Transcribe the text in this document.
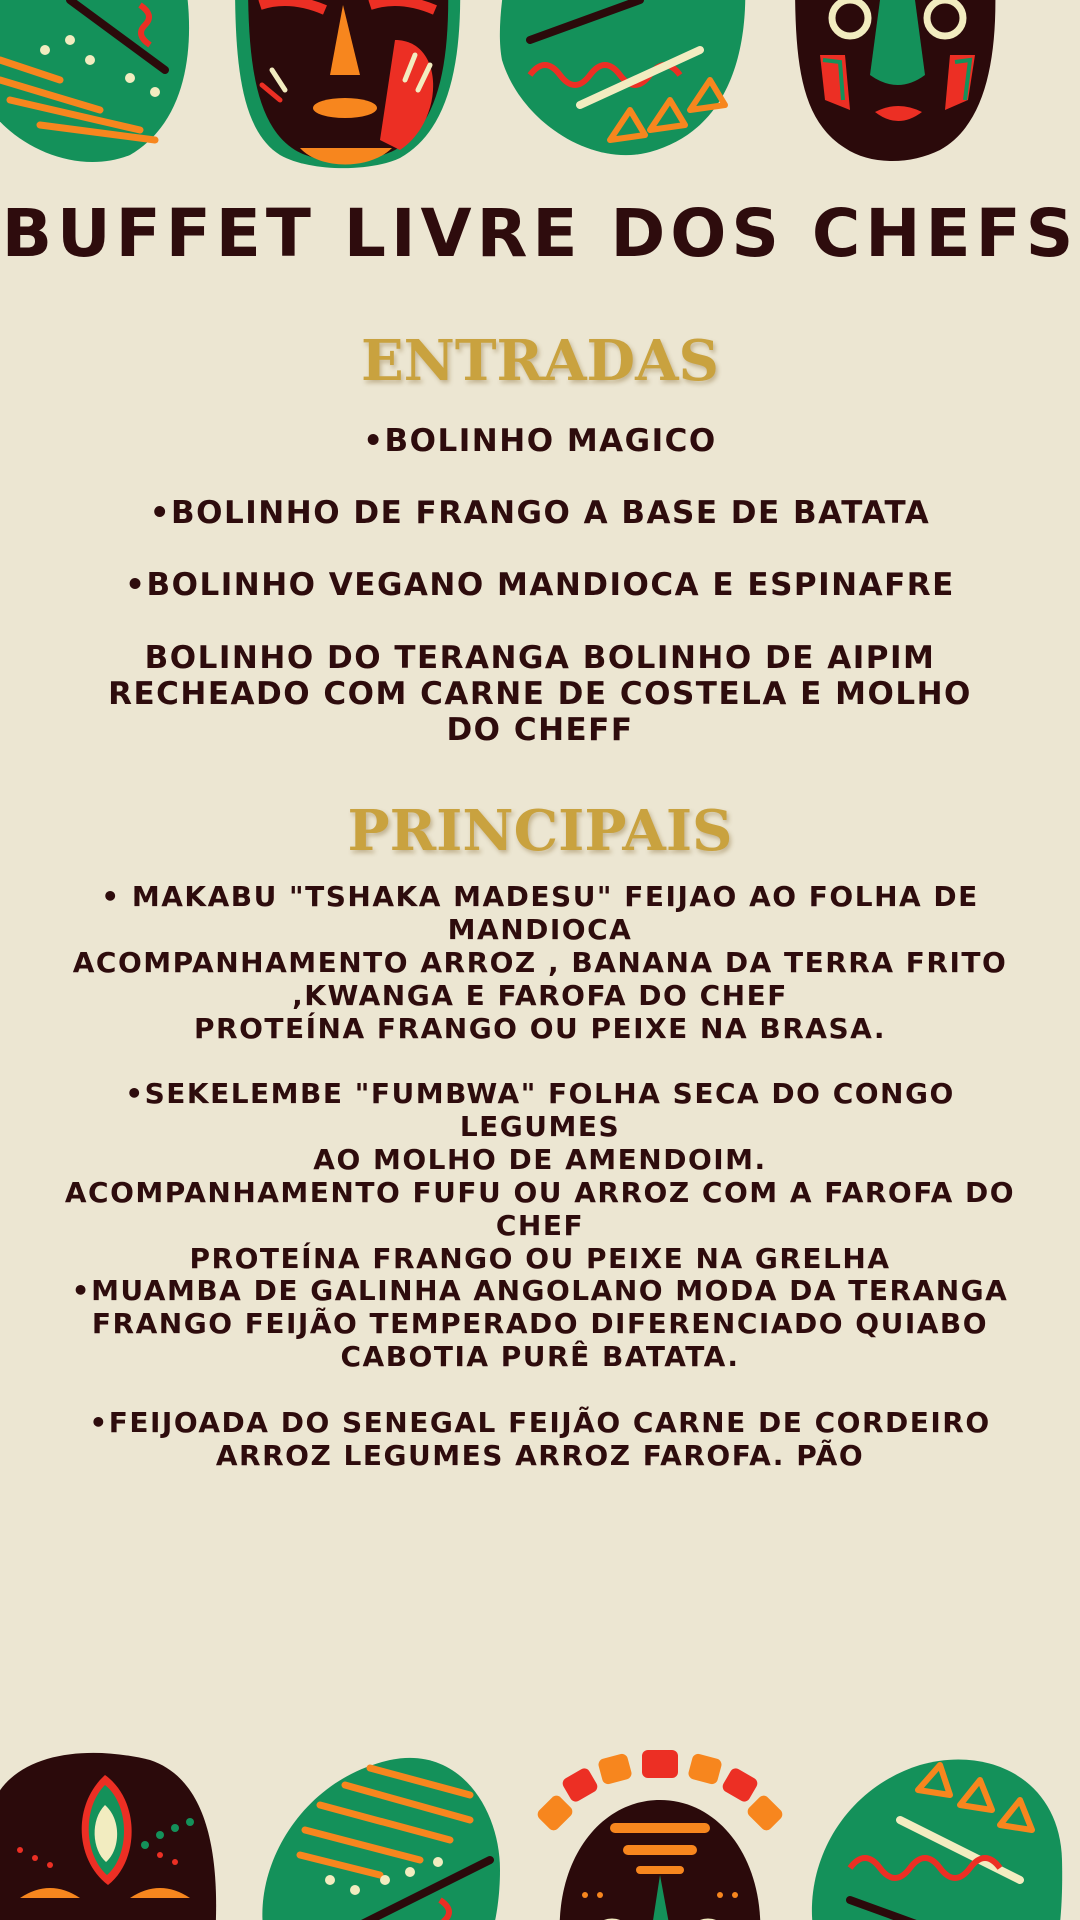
BUFFET LIVRE DOS CHEFS
ENTRADAS

•BOLINHO MAGICO

•BOLINHO DE FRANGO A BASE DE BATATA

•BOLINHO VEGANO MANDIOCA E ESPINAFRE

BOLINHO DO TERANGA BOLINHO DE AIPIM
RECHEADO COM CARNE DE COSTELA E MOLHO
DO CHEFF

PRINCIPAIS

• MAKABU "TSHAKA MADESU" FEIJAO AO FOLHA DE
MANDIOCA
ACOMPANHAMENTO ARROZ , BANANA DA TERRA FRITO
,KWANGA E FAROFA DO CHEF
PROTEÍNA FRANGO OU PEIXE NA BRASA.

•SEKELEMBE "FUMBWA" FOLHA SECA DO CONGO LEGUMES
AO MOLHO DE AMENDOIM.
ACOMPANHAMENTO FUFU OU ARROZ COM A FAROFA DO
CHEF
PROTEÍNA FRANGO OU PEIXE NA GRELHA

•MUAMBA DE GALINHA ANGOLANO MODA DA TERANGA
FRANGO FEIJÃO TEMPERADO DIFERENCIADO QUIABO
CABOTIA PURÊ BATATA.

•FEIJOADA DO SENEGAL FEIJÃO CARNE DE CORDEIRO
ARROZ LEGUMES ARROZ FAROFA. PÃO
